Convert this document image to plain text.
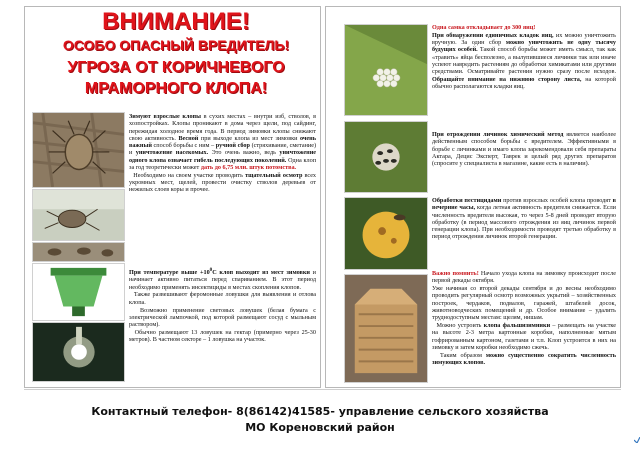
ВНИМАНИЕ!
ОСОБО ОПАСНЫЙ ВРЕДИТЕЛЬ!
УГРОЗА ОТ КОРИЧНЕВОГО
МРАМОРНОГО КЛОПА!

Зимуют взрослые клопы в сухих местах – внутри изб, стволов, в хозпостройках. Клопы проникают в дома через щели, под сайдинг, пережидая холодное время года. В период зимовки клопы снижают свою активность. Весной при выходе клопа из мест зимовки очень важный способ борьбы с ним – ручной сбор (стряхивание, сметание) и уничтожение насекомых. Это очень важно, ведь уничтожение одного клопа означает гибель последующих поколений. Одна клоп за год теоретически может дать до 6,75 млн. штук потомства.

Необходимо на своем участке проводить тщательный осмотр всех укромных мест, щелей, провести очистку стволов деревьев от нежилых слоев коры и прочее.

При температуре выше $+10^0С$ клоп выходит из мест зимовки и начинает активно питаться перед спариванием. В этот период необходимо применять инсектициды в местах скопления клопов.

Также развешивают феромонные ловушки для выявления и отлова клопа.

Возможно применение световых ловушек (белая бумага с электрической лампочкой, под которой размещают сосуд с мыльным раствором).

Обычно размещают 13 ловушек на гектар (примерно через 25-30 метров). В частном секторе – 1 ловушка на участок.

Одна самка откладывает до 300 яиц!

При обнаружении единичных кладок яиц, их можно уничтожить вручную. За один сбор можно уничтожить не одну тысячу будущих особей. Такой способ борьбы может иметь смысл, так как «травить» яйца бесполезно, а вылупившиеся личинки так или иначе успеют навредить растениям до обработки химикатами или другими средствами. Осматривайте растения нужно сразу после всходов. Обращайте внимание на нижнюю сторону листа, на которой обычно располагаются кладки яиц.

При отрождении личинок химический метод является наиболее действенным способом борьбы с вредителем. Эффективными в борьбе с личинками и имаго клопа зарекомендовали себя препараты Актара, Децис Эксперт, Таврек и целый ряд других препаратов (спросите у специалиста в магазине, какие есть в наличии).

Обработки пестицидами против взрослых особей клопа проводят в вечерние часы, когда летная активность вредителя снижается. Если численность вредителя высокая, то через 5-8 дней проводят вторую обработку (в период массового отрождения из яиц личинок первой генерации клопа). При необходимости проводят третью обработку в период отрождения личинок второй генерации.

Важно помнить! Начало ухода клопа на зимовку происходит после первой декады октября.

Уже начиная со второй декады сентября и до весны необходимо проводить регулярный осмотр возможных укрытий – хозяйственных построек, чердаков, подвалов, гаражей, штабелей досок, животноводческих помещений и др. Особое внимание – удалить труднодоступным местам: щелям, нишам.

Можно устроить клопа фальшизимники – размещать на участке на высоте 2-3 метра картонные коробки, наполненные мятым гофрированным картоном, газетами и т.п. Клоп устроится в них на зимовку и затем коробки необходимо сжечь.

Таким образом можно существенно сократить численность зимующих клопов.

Контактный телефон- 8(86142)41585- управление сельского хозяйства
МО Кореновский район
